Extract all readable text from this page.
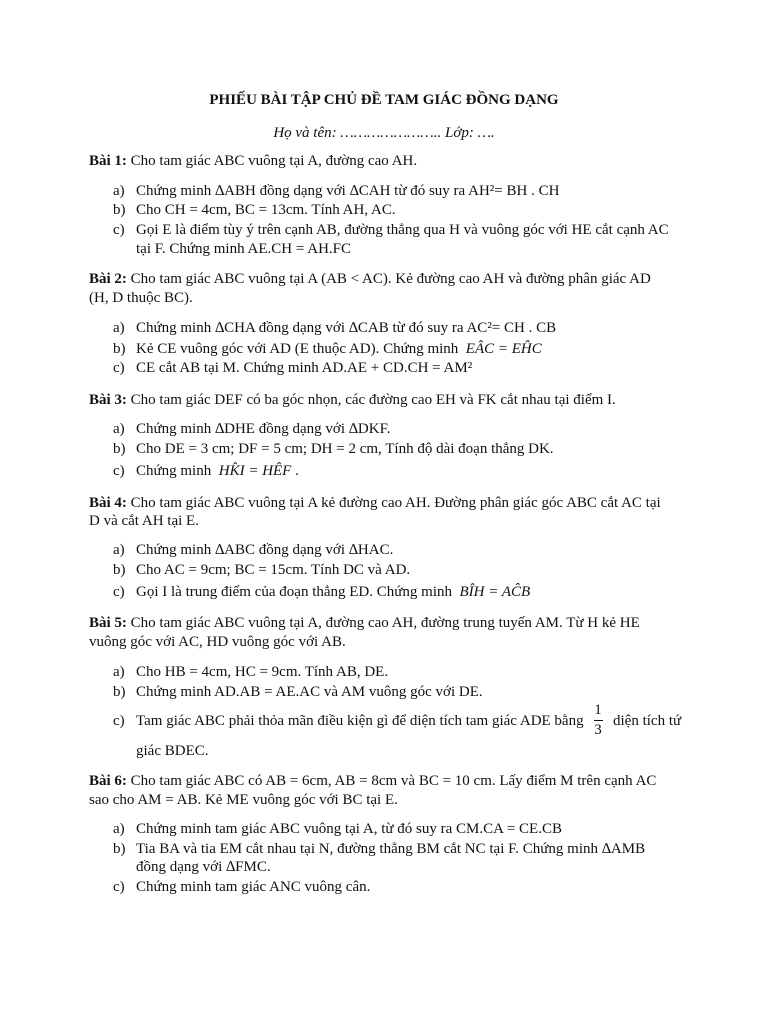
PHIẾU BÀI TẬP CHỦ ĐỀ TAM GIÁC ĐỒNG DẠNG
Họ và tên: ………………….. Lớp: ….
Bài 1: Cho tam giác ABC vuông tại A, đường cao AH.
a) Chứng minh ∆ABH đồng dạng với ∆CAH từ đó suy ra AH²= BH . CH
b) Cho CH = 4cm, BC = 13cm. Tính AH, AC.
c) Gọi E là điểm tùy ý trên cạnh AB, đường thẳng qua H và vuông góc với HE cắt cạnh AC
tại F. Chứng minh AE.CH = AH.FC
Bài 2: Cho tam giác ABC vuông tại A (AB < AC). Kẻ đường cao AH và đường phân giác AD
(H, D thuộc BC).
a) Chứng minh ∆CHA đồng dạng với ∆CAB từ đó suy ra AC²= CH . CB
b) Kẻ CE vuông góc với AD (E thuộc AD). Chứng minh EÂC = EĤC
c) CE cắt AB tại M. Chứng minh AD.AE + CD.CH = AM²
Bài 3: Cho tam giác DEF có ba góc nhọn, các đường cao EH và FK cắt nhau tại điểm I.
a) Chứng minh ∆DHE đồng dạng với ∆DKF.
b) Cho DE = 3 cm; DF = 5 cm; DH = 2 cm, Tính độ dài đoạn thẳng DK.
c) Chứng minh HK̂I = HÊF .
Bài 4: Cho tam giác ABC vuông tại A kẻ đường cao AH. Đường phân giác góc ABC cắt AC tại
D và cắt AH tại E.
a) Chứng minh ∆ABC đồng dạng với ∆HAC.
b) Cho AC = 9cm; BC = 15cm. Tính DC và AD.
c) Gọi I là trung điểm của đoạn thẳng ED. Chứng minh BÎH = AĈB
Bài 5: Cho tam giác ABC vuông tại A, đường cao AH, đường trung tuyến AM. Từ H kẻ HE
vuông góc với AC, HD vuông góc với AB.
a) Cho HB = 4cm, HC = 9cm. Tính AB, DE.
b) Chứng minh AD.AB = AE.AC và AM vuông góc với DE.
c) Tam giác ABC phải thỏa mãn điều kiện gì để diện tích tam giác ADE bằng
1
3
diện tích tứ
giác BDEC.
Bài 6: Cho tam giác ABC có AB = 6cm, AB = 8cm và BC = 10 cm. Lấy điểm M trên cạnh AC
sao cho AM = AB. Kẻ ME vuông góc với BC tại E.
a) Chứng minh tam giác ABC vuông tại A, từ đó suy ra CM.CA = CE.CB
b) Tia BA và tia EM cắt nhau tại N, đường thẳng BM cắt NC tại F. Chứng minh ∆AMB
đồng dạng với ∆FMC.
c) Chứng minh tam giác ANC vuông cân.
